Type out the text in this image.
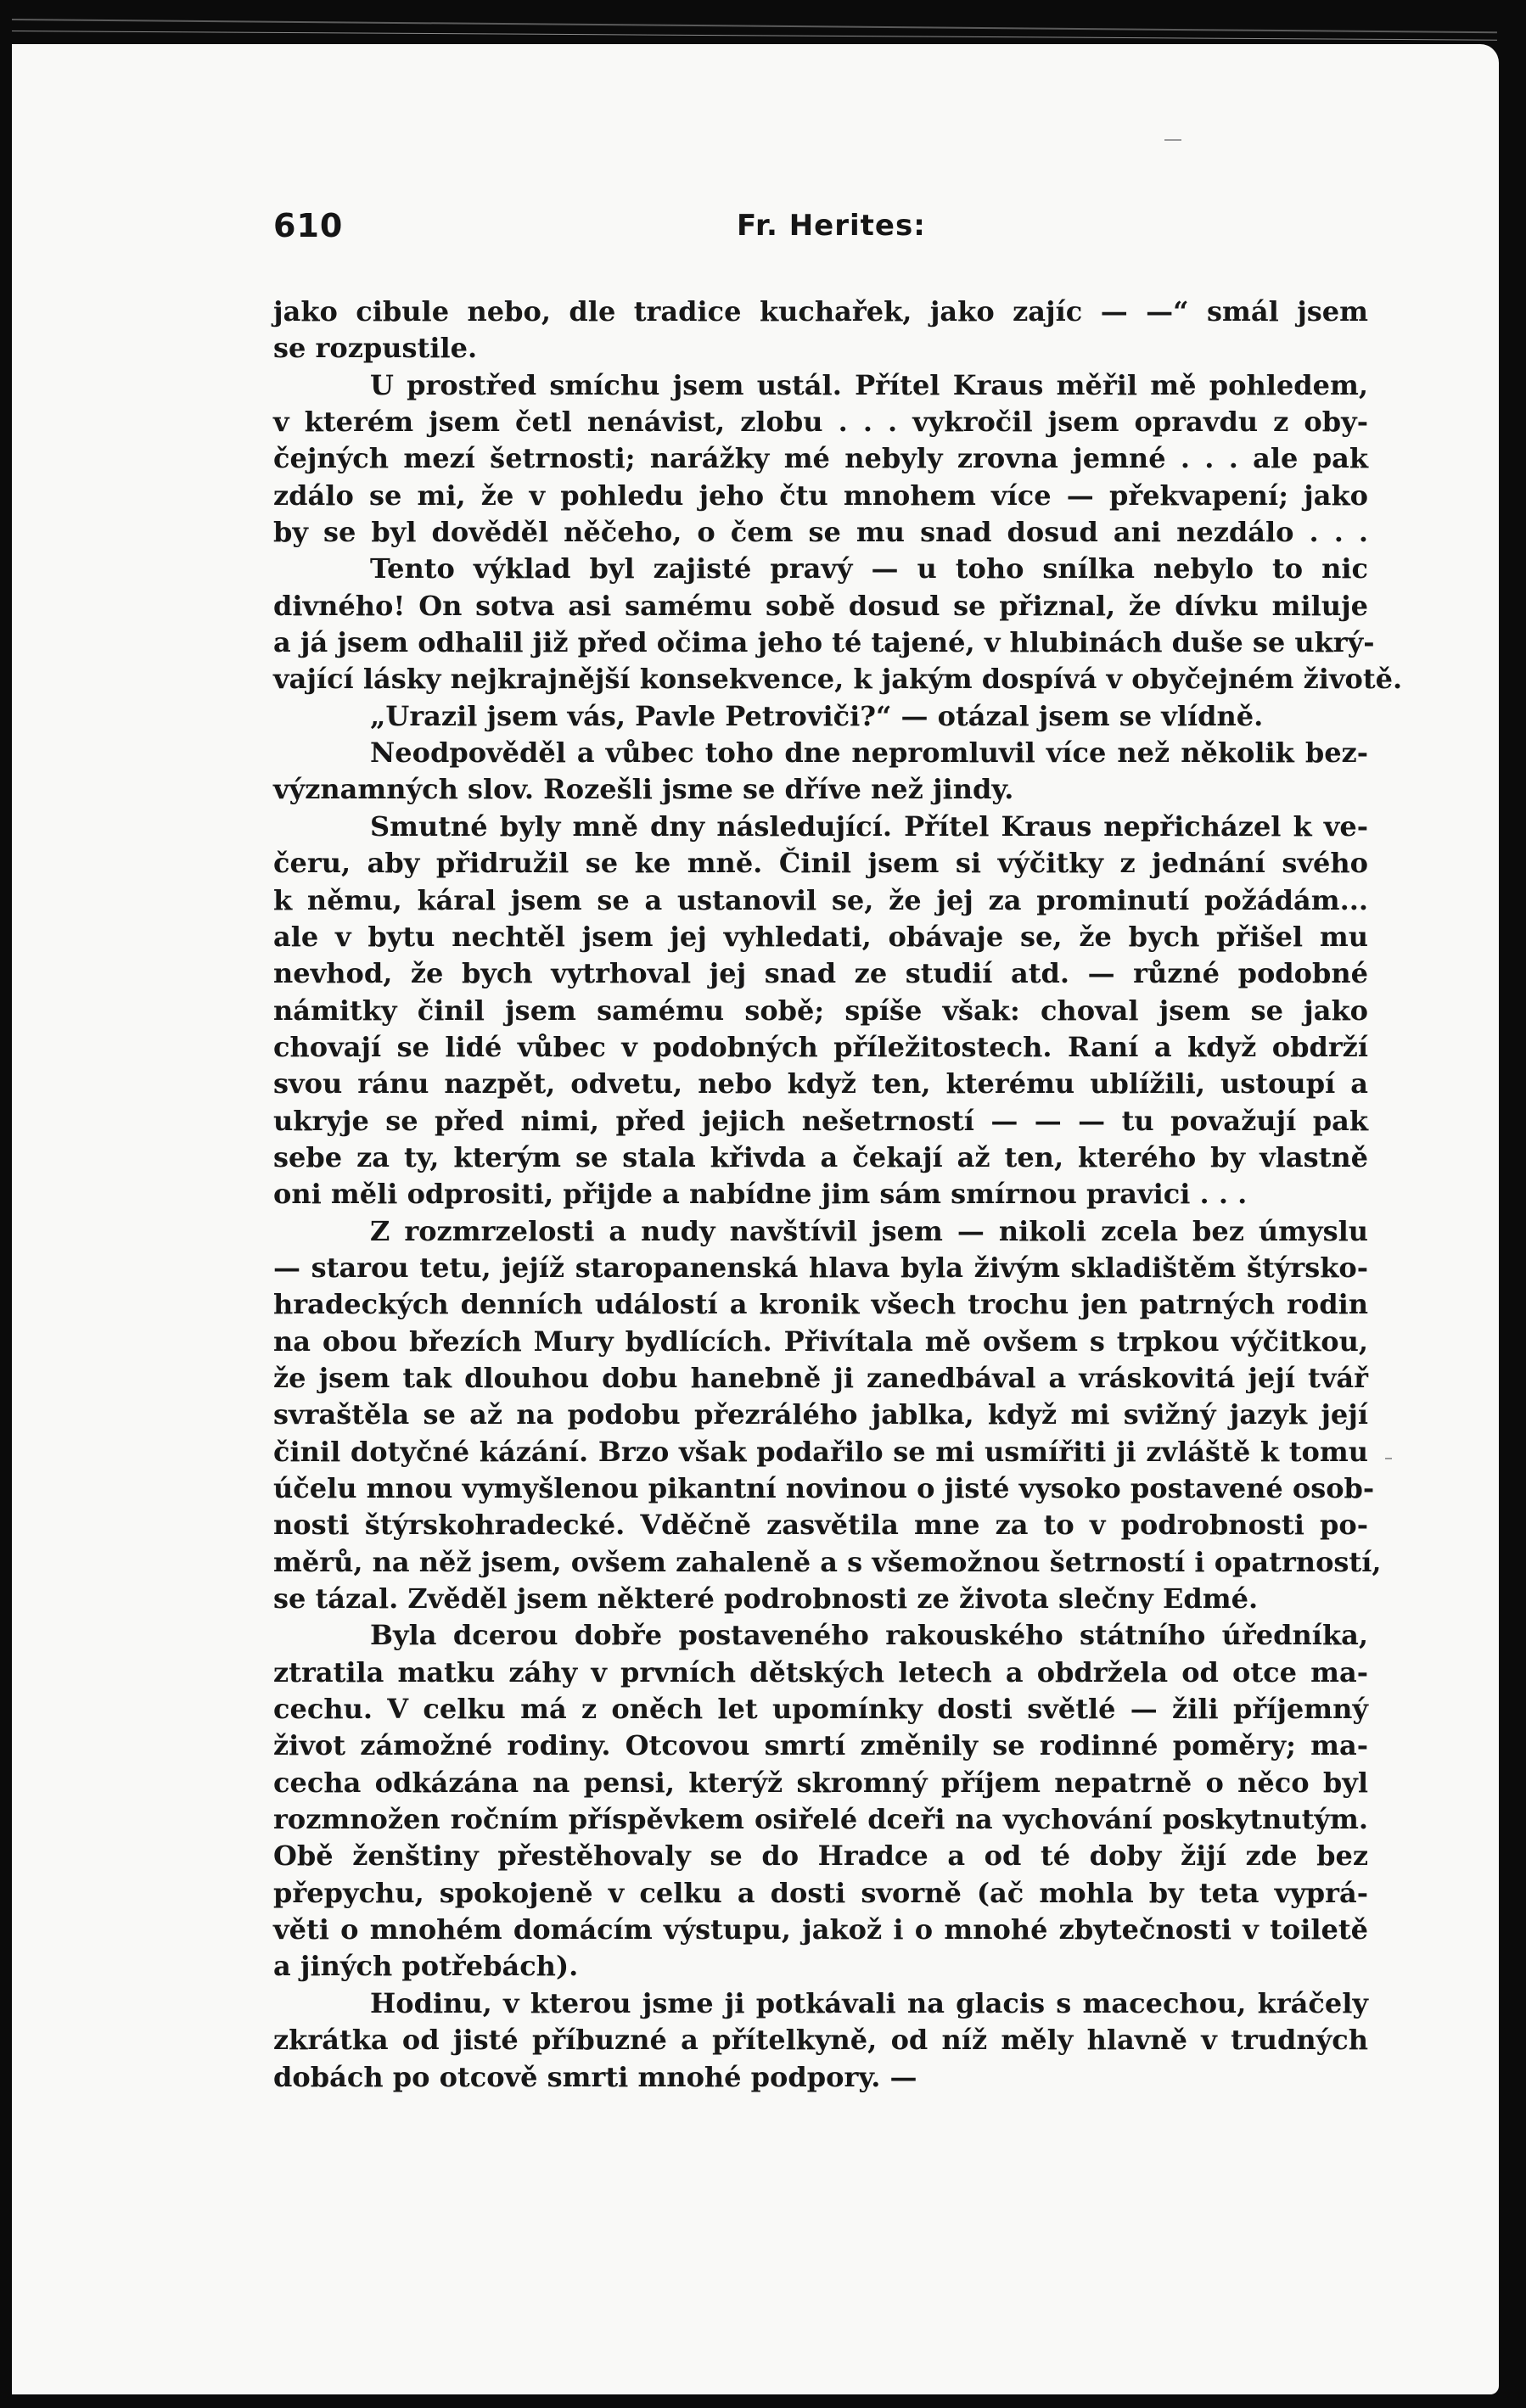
610	Fr. Herites:
jako cibule nebo, dle tradice kuchařek, jako zajíc — —“ smál jsem
se rozpustile.
U prostřed smíchu jsem ustál. Přítel Kraus měřil mě pohledem,
v kterém jsem četl nenávist, zlobu . . . vykročil jsem opravdu z oby-
čejných mezí šetrnosti; narážky mé nebyly zrovna jemné . . . ale pak
zdálo se mi, že v pohledu jeho čtu mnohem více — překvapení; jako
by se byl dověděl něčeho, o čem se mu snad dosud ani nezdálo . . .
Tento výklad byl zajisté pravý — u toho snílka nebylo to nic
divného! On sotva asi samému sobě dosud se přiznal, že dívku miluje
a já jsem odhalil již před očima jeho té tajené, v hlubinách duše se ukrý-
vající lásky nejkrajnější konsekvence, k jakým dospívá v obyčejném životě.
„Urazil jsem vás, Pavle Petroviči?“ — otázal jsem se vlídně.
Neodpověděl a vůbec toho dne nepromluvil více než několik bez-
významných slov. Rozešli jsme se dříve než jindy.
Smutné byly mně dny následující. Přítel Kraus nepřicházel k ve-
čeru, aby přidružil se ke mně. Činil jsem si výčitky z jednání svého
k němu, káral jsem se a ustanovil se, že jej za prominutí požádám...
ale v bytu nechtěl jsem jej vyhledati, obávaje se, že bych přišel mu
nevhod, že bych vytrhoval jej snad ze studií atd. — různé podobné
námitky činil jsem samému sobě; spíše však: choval jsem se jako
chovají se lidé vůbec v podobných příležitostech. Raní a když obdrží
svou ránu nazpět, odvetu, nebo když ten, kterému ublížili, ustoupí a
ukryje se před nimi, před jejich nešetrností — — — tu považují pak
sebe za ty, kterým se stala křivda a čekají až ten, kterého by vlastně
oni měli odprositi, přijde a nabídne jim sám smírnou pravici . . .
Z rozmrzelosti a nudy navštívil jsem — nikoli zcela bez úmyslu
— starou tetu, jejíž staropanenská hlava byla živým skladištěm štýrsko-
hradeckých denních událostí a kronik všech trochu jen patrných rodin
na obou březích Mury bydlících. Přivítala mě ovšem s trpkou výčitkou,
že jsem tak dlouhou dobu hanebně ji zanedbával a vráskovitá její tvář
svraštěla se až na podobu přezrálého jablka, když mi svižný jazyk její
činil dotyčné kázání. Brzo však podařilo se mi usmířiti ji zvláště k tomu
účelu mnou vymyšlenou pikantní novinou o jisté vysoko postavené osob-
nosti štýrskohradecké. Vděčně zasvětila mne za to v podrobnosti po-
měrů, na něž jsem, ovšem zahaleně a s všemožnou šetrností i opatrností,
se tázal. Zvěděl jsem některé podrobnosti ze života slečny Edmé.
Byla dcerou dobře postaveného rakouského státního úředníka,
ztratila matku záhy v prvních dětských letech a obdržela od otce ma-
cechu. V celku má z oněch let upomínky dosti světlé — žili příjemný
život zámožné rodiny. Otcovou smrtí změnily se rodinné poměry; ma-
cecha odkázána na pensi, kterýž skromný příjem nepatrně o něco byl
rozmnožen ročním příspěvkem osiřelé dceři na vychování poskytnutým.
Obě ženštiny přestěhovaly se do Hradce a od té doby žijí zde bez
přepychu, spokojeně v celku a dosti svorně (ač mohla by teta vyprá-
věti o mnohém domácím výstupu, jakož i o mnohé zbytečnosti v toiletě
a jiných potřebách).
Hodinu, v kterou jsme ji potkávali na glacis s macechou, kráčely
zkrátka od jisté příbuzné a přítelkyně, od níž měly hlavně v trudných
dobách po otcově smrti mnohé podpory. —
